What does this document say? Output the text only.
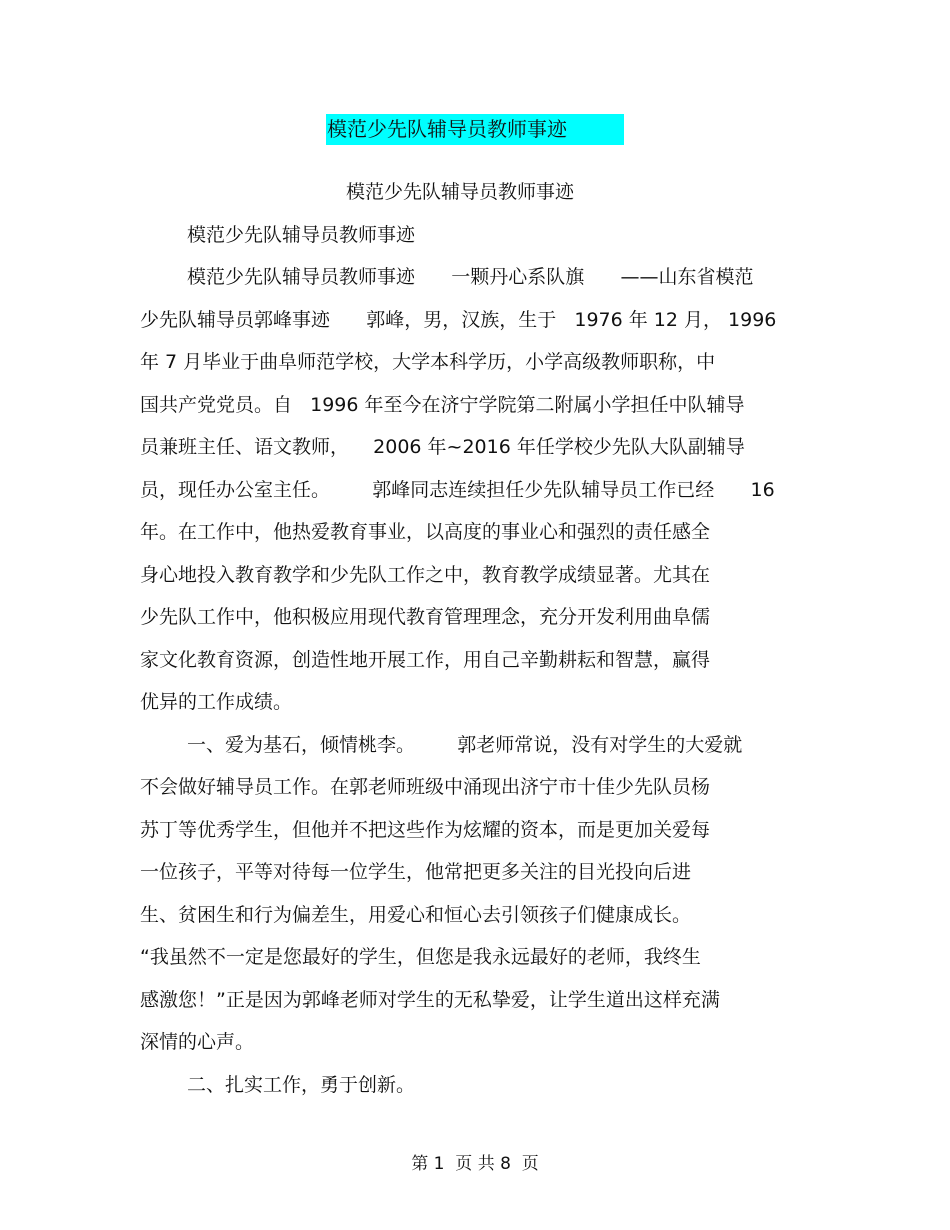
模范少先队辅导员教师事迹
模范少先队辅导员教师事迹
模范少先队辅导员教师事迹
模范少先队辅导员教师事迹      一颗丹心系队旗      ——山东省模范
少先队辅导员郭峰事迹      郭峰，男，汉族，生于   1976 年 12 月， 1996
年 7 月毕业于曲阜师范学校，大学本科学历，小学高级教师职称，中
国共产党党员。自   1996 年至今在济宁学院第二附属小学担任中队辅导
员兼班主任、语文教师，    2006 年~2016 年任学校少先队大队副辅导
员，现任办公室主任。       郭峰同志连续担任少先队辅导员工作已经      16
年。在工作中，他热爱教育事业，以高度的事业心和强烈的责任感全
身心地投入教育教学和少先队工作之中，教育教学成绩显著。尤其在
少先队工作中，他积极应用现代教育管理理念，充分开发利用曲阜儒
家文化教育资源，创造性地开展工作，用自己辛勤耕耘和智慧，赢得
优异的工作成绩。
一、爱为基石，倾情桃李。       郭老师常说，没有对学生的大爱就
不会做好辅导员工作。在郭老师班级中涌现出济宁市十佳少先队员杨
苏丁等优秀学生，但他并不把这些作为炫耀的资本，而是更加关爱每
一位孩子，平等对待每一位学生，他常把更多关注的目光投向后进
生、贫困生和行为偏差生，用爱心和恒心去引领孩子们健康成长。
“我虽然不一定是您最好的学生，但您是我永远最好的老师，我终生
感激您！”正是因为郭峰老师对学生的无私挚爱，让学生道出这样充满
深情的心声。
二、扎实工作，勇于创新。
第 1  页 共 8  页
